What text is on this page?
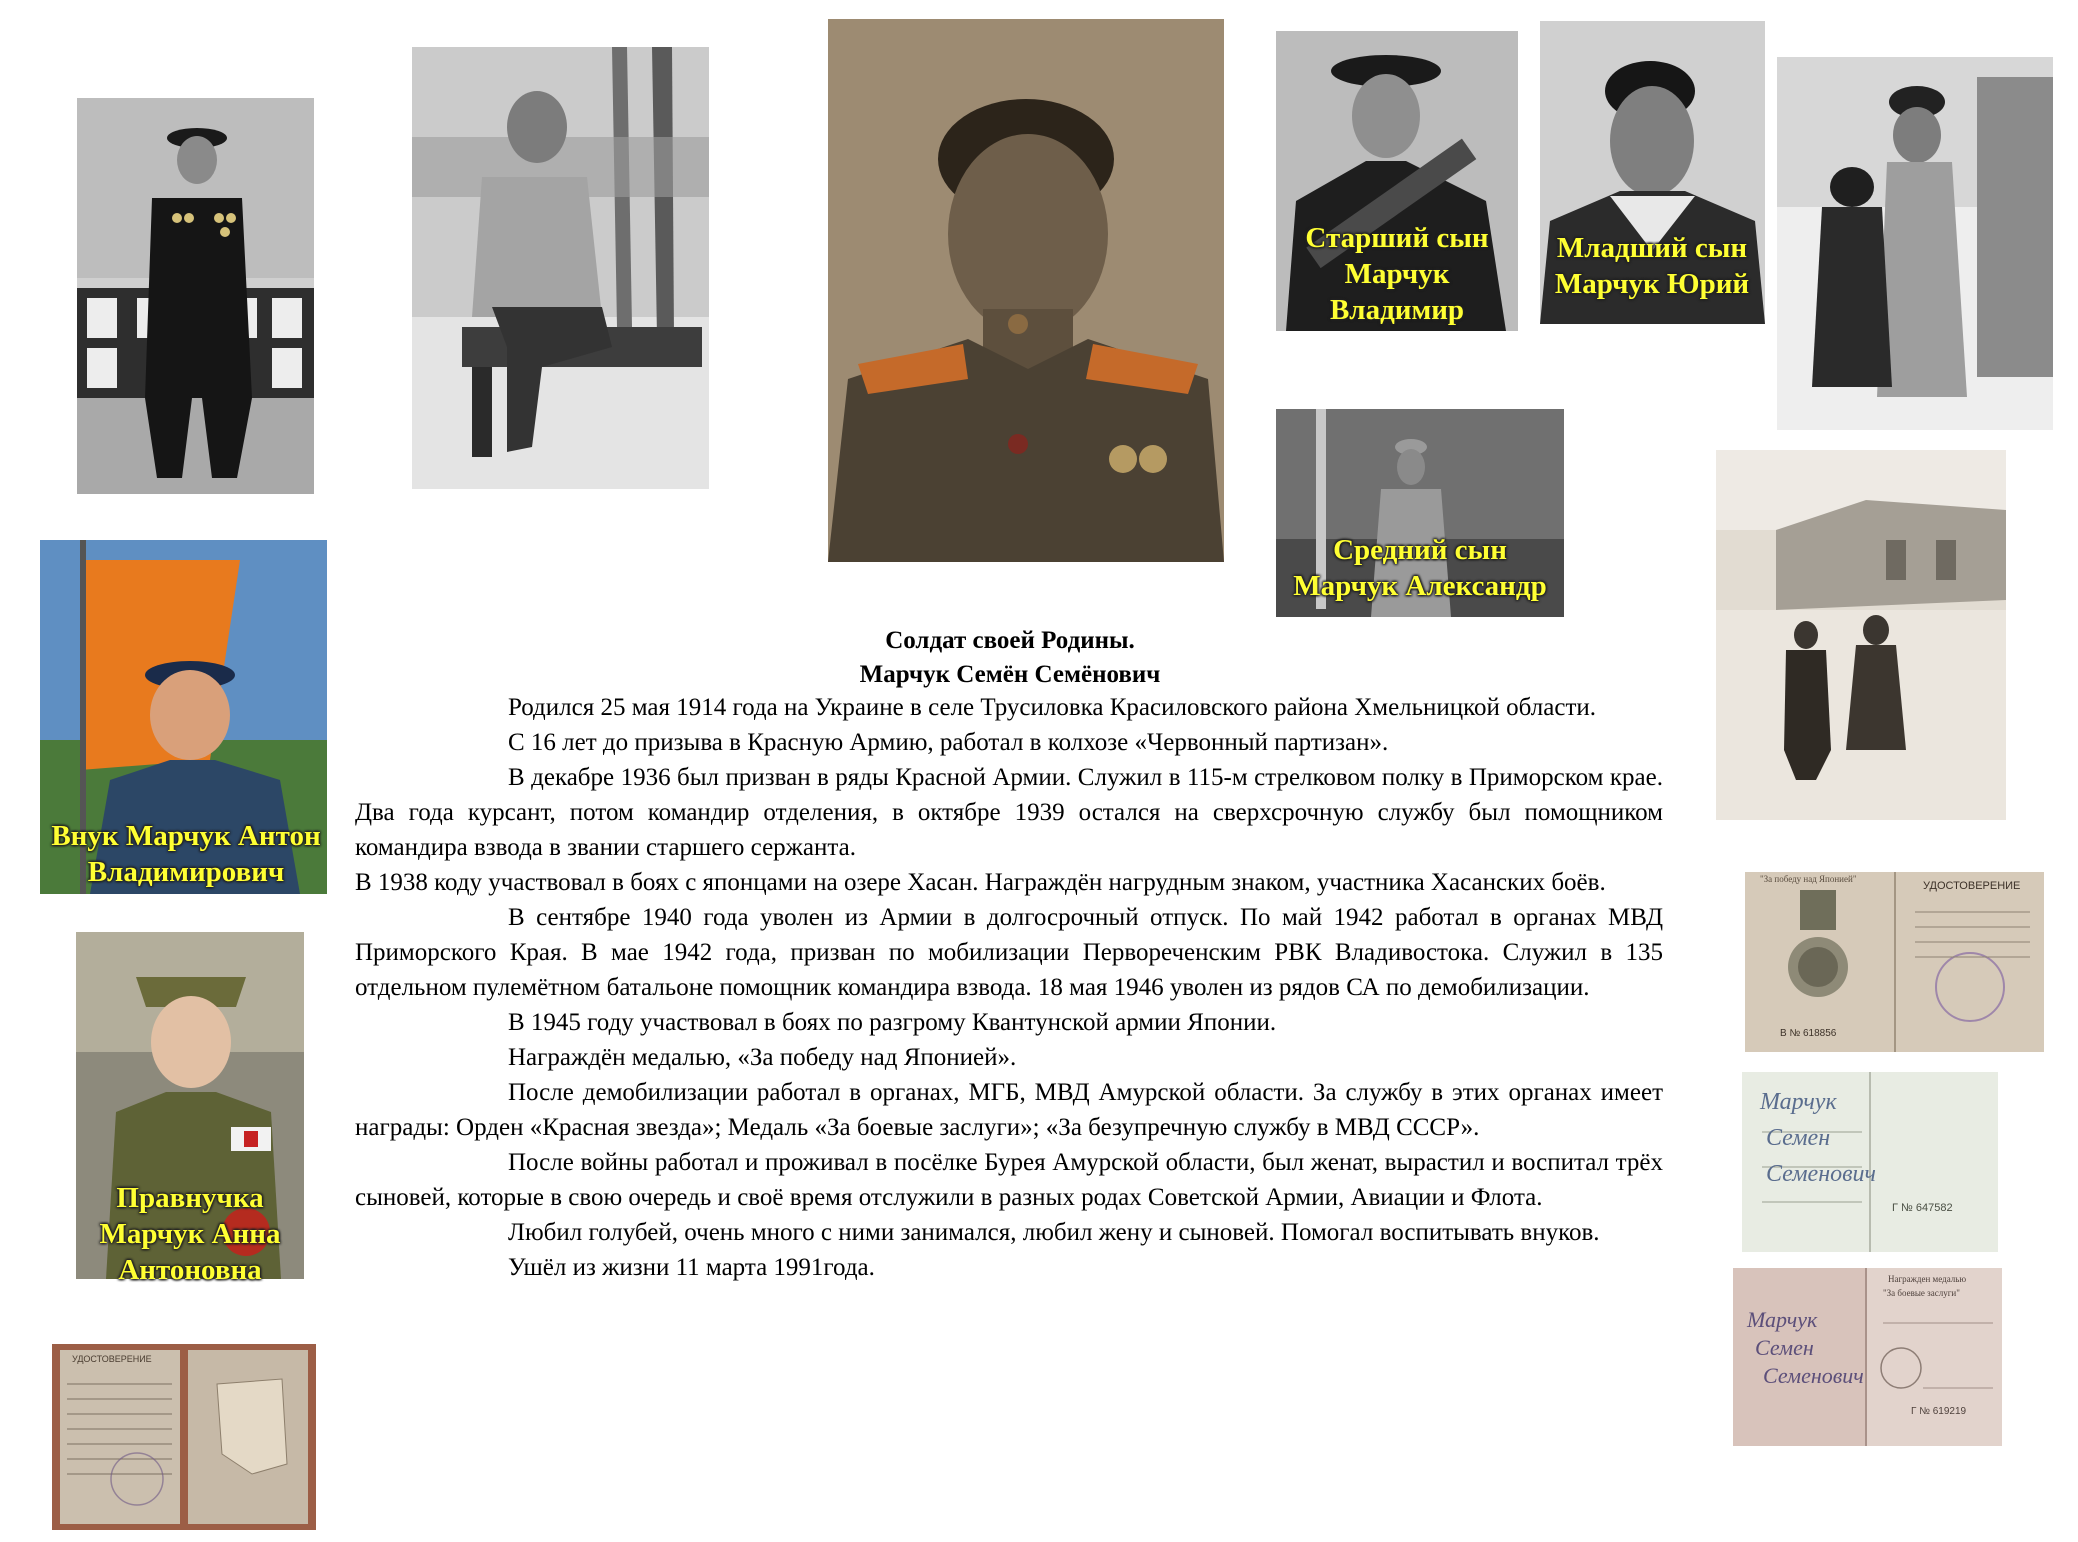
Старший сын
Марчук
Владимир
Младший сын
Марчук Юрий
Средний сын
Марчук Александр
Внук Марчук Антон
Владимирович
Правнучка
Марчук Анна
Антоновна
"За победу над Японией"
УДОСТОВЕРЕНИЕ
В № 618856
Марчук
Семен
Семенович
Г № 647582
Награжден медалью
"За боевые заслуги"
Марчук
Семен
Семенович
Г № 619219
УДОСТОВЕРЕНИЕ
Солдат своей Родины.
Марчук Семён Семёнович

Родился 25 мая 1914 года на Украине в селе Трусиловка Красиловского района Хмельницкой области.

С 16 лет до призыва в Красную Армию, работал в колхозе «Червонный партизан».

В декабре 1936 был призван в ряды Красной Армии. Служил в 115-м стрелковом полку в Приморском крае. Два года курсант, потом командир отделения, в октябре 1939 остался на сверхсрочную службу был помощником командира взвода в звании старшего сержанта.

В 1938 коду участвовал в боях с японцами на озере Хасан. Награждён нагрудным знаком, участника Хасанских боёв.

В сентябре 1940 года уволен из Армии в долгосрочный отпуск. По май 1942 работал в органах МВД Приморского Края. В мае 1942 года, призван по мобилизации Первореченским РВК Владивостока. Служил в 135 отдельном пулемётном батальоне помощник командира взвода. 18 мая 1946 уволен из рядов СА по демобилизации.

В 1945 году участвовал в боях по разгрому Квантунской армии Японии.

Награждён медалью, «За победу над Японией».

После демобилизации работал в органах, МГБ, МВД Амурской области. За службу в этих органах имеет награды: Орден «Красная звезда»; Медаль «За боевые заслуги»; «За безупречную службу в МВД СССР».

После войны работал и проживал в посёлке Бурея Амурской области, был женат, вырастил и воспитал трёх сыновей, которые в свою очередь и своё время отслужили в разных родах Советской Армии, Авиации и Флота.

Любил голубей, очень много с ними занимался, любил жену и сыновей. Помогал воспитывать внуков.

Ушёл из жизни 11 марта 1991года.
